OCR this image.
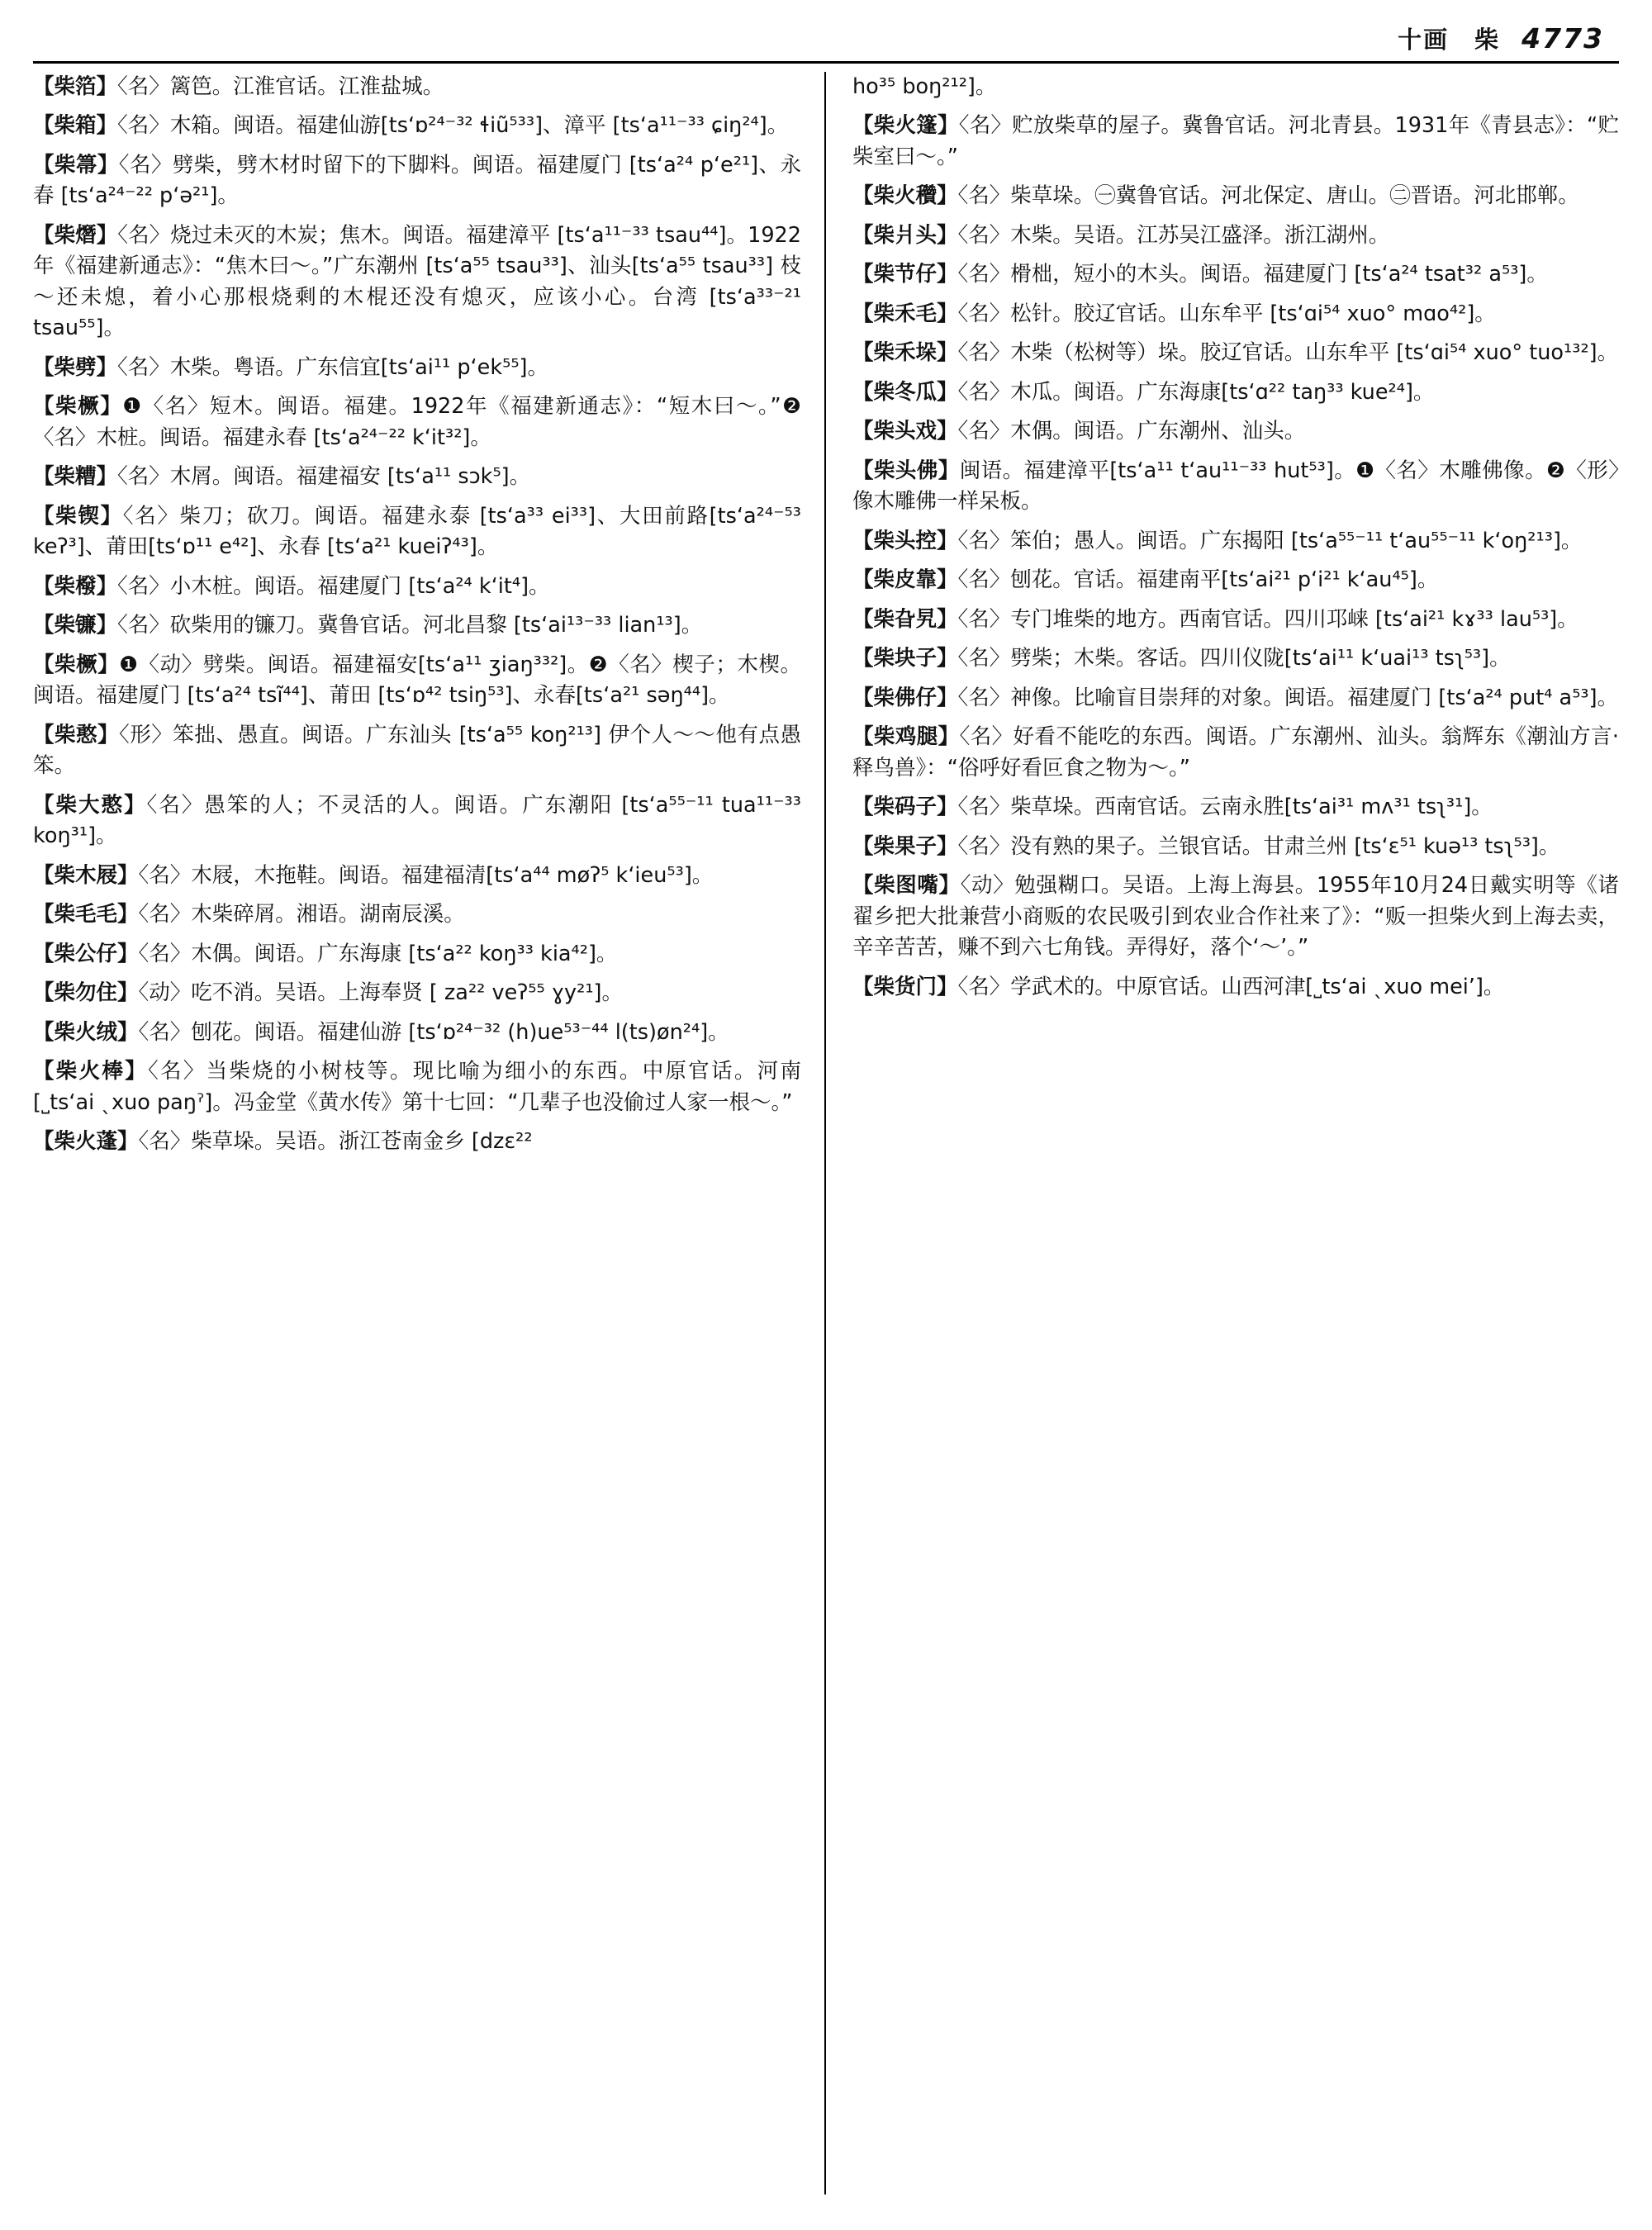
十画　柴 4773
【柴箔】〈名〉篱笆。江淮官话。江淮盐城。
【柴箱】〈名〉木箱。闽语。福建仙游[ts‘ɒ²⁴⁻³² ɬiũ⁵³³]、漳平 [ts‘a¹¹⁻³³ ɕiŋ²⁴]。
【柴箒】〈名〉劈柴，劈木材时留下的下脚料。闽语。福建厦门 [ts‘a²⁴ p‘e²¹]、永春 [ts‘a²⁴⁻²² p‘ə²¹]。
【柴熸】〈名〉烧过未灭的木炭；焦木。闽语。福建漳平 [ts‘a¹¹⁻³³ tsau⁴⁴]。1922年《福建新通志》：“焦木曰～。”广东潮州 [ts‘a⁵⁵ tsau³³]、汕头[ts‘a⁵⁵ tsau³³] 枝～还未熄，着小心那根烧剩的木棍还没有熄灭，应该小心。台湾 [ts‘a³³⁻²¹ tsau⁵⁵]。
【柴劈】〈名〉木柴。粤语。广东信宜[ts‘ai¹¹ p‘ek⁵⁵]。
【柴橛】❶〈名〉短木。闽语。福建。1922年《福建新通志》：“短木曰～。”❷〈名〉木桩。闽语。福建永春 [ts‘a²⁴⁻²² k‘it³²]。
【柴糟】〈名〉木屑。闽语。福建福安 [ts‘a¹¹ sɔk⁵]。
【柴锲】〈名〉柴刀；砍刀。闽语。福建永泰 [ts‘a³³ ei³³]、大田前路[ts‘a²⁴⁻⁵³ keʔ³]、莆田[ts‘ɒ¹¹ e⁴²]、永春 [ts‘a²¹ kueiʔ⁴³]。
【柴橃】〈名〉小木桩。闽语。福建厦门 [ts‘a²⁴ k‘it⁴]。
【柴镰】〈名〉砍柴用的镰刀。冀鲁官话。河北昌黎 [ts‘ai¹³⁻³³ lian¹³]。
【柴橛】❶〈动〉劈柴。闽语。福建福安[ts‘a¹¹ ʒiaŋ³³²]。❷〈名〉楔子；木楔。闽语。福建厦门 [ts‘a²⁴ tsĩ⁴⁴]、莆田 [ts‘ɒ⁴² tsiŋ⁵³]、永春[ts‘a²¹ səŋ⁴⁴]。
【柴憨】〈形〉笨拙、愚直。闽语。广东汕头 [ts‘a⁵⁵ koŋ²¹³] 伊个人～～他有点愚笨。
【柴大憨】〈名〉愚笨的人；不灵活的人。闽语。广东潮阳 [ts‘a⁵⁵⁻¹¹ tua¹¹⁻³³ koŋ³¹]。
【柴木屐】〈名〉木屐，木拖鞋。闽语。福建福清[ts‘a⁴⁴ møʔ⁵ k‘ieu⁵³]。
【柴毛毛】〈名〉木柴碎屑。湘语。湖南辰溪。
【柴公仔】〈名〉木偶。闽语。广东海康 [ts‘a²² koŋ³³ kia⁴²]。
【柴勿住】〈动〉吃不消。吴语。上海奉贤 [ za²² veʔ⁵⁵ ɣy²¹]。
【柴火绒】〈名〉刨花。闽语。福建仙游 [ts‘ɒ²⁴⁻³² (h)ue⁵³⁻⁴⁴ l(ts)øn²⁴]。
【柴火棒】〈名〉当柴烧的小树枝等。现比喻为细小的东西。中原官话。河南 [˽ts‘ai ˎxuo paŋˀ]。冯金堂《黄水传》第十七回：“几辈子也没偷过人家一根～。”
【柴火蓬】〈名〉柴草垛。吴语。浙江苍南金乡 [dzɛ²²
ho³⁵ boŋ²¹²]。
【柴火篷】〈名〉贮放柴草的屋子。冀鲁官话。河北青县。1931年《青县志》：“贮柴室曰～。”
【柴火穳】〈名〉柴草垛。㊀冀鲁官话。河北保定、唐山。㊁晋语。河北邯郸。
【柴爿头】〈名〉木柴。吴语。江苏吴江盛泽。浙江湖州。
【柴节仔】〈名〉榾柮，短小的木头。闽语。福建厦门 [ts‘a²⁴ tsat³² a⁵³]。
【柴禾毛】〈名〉松针。胶辽官话。山东牟平 [ts‘ɑi⁵⁴ xuo° mɑo⁴²]。
【柴禾垛】〈名〉木柴（松树等）垛。胶辽官话。山东牟平 [ts‘ɑi⁵⁴ xuo° tuo¹³²]。
【柴冬瓜】〈名〉木瓜。闽语。广东海康[ts‘ɑ²² taŋ³³ kue²⁴]。
【柴头戏】〈名〉木偶。闽语。广东潮州、汕头。
【柴头佛】闽语。福建漳平[ts‘a¹¹ t‘au¹¹⁻³³ hut⁵³]。❶〈名〉木雕佛像。❷〈形〉像木雕佛一样呆板。
【柴头控】〈名〉笨伯；愚人。闽语。广东揭阳 [ts‘a⁵⁵⁻¹¹ t‘au⁵⁵⁻¹¹ k‘oŋ²¹³]。
【柴皮靠】〈名〉刨花。官话。福建南平[ts‘ai²¹ p‘i²¹ k‘au⁴⁵]。
【柴旮旯】〈名〉专门堆柴的地方。西南官话。四川邛崃 [ts‘ai²¹ kɤ³³ lau⁵³]。
【柴块子】〈名〉劈柴；木柴。客话。四川仪陇[ts‘ai¹¹ k‘uai¹³ tsʅ⁵³]。
【柴佛仔】〈名〉神像。比喻盲目崇拜的对象。闽语。福建厦门 [ts‘a²⁴ put⁴ a⁵³]。
【柴鸡腿】〈名〉好看不能吃的东西。闽语。广东潮州、汕头。翁辉东《潮汕方言·释鸟兽》：“俗呼好看叵食之物为～。”
【柴码子】〈名〉柴草垛。西南官话。云南永胜[ts‘ai³¹ mʌ³¹ tsʅ³¹]。
【柴果子】〈名〉没有熟的果子。兰银官话。甘肃兰州 [ts‘ɛ⁵¹ kuə¹³ tsʅ⁵³]。
【柴图嘴】〈动〉勉强糊口。吴语。上海上海县。1955年10月24日戴实明等《诸翟乡把大批兼营小商贩的农民吸引到农业合作社来了》：“贩一担柴火到上海去卖，辛辛苦苦，赚不到六七角钱。弄得好，落个‘～’。”
【柴货门】〈名〉学武术的。中原官话。山西河津[˽ts‘ai ˎxuo mei’]。
